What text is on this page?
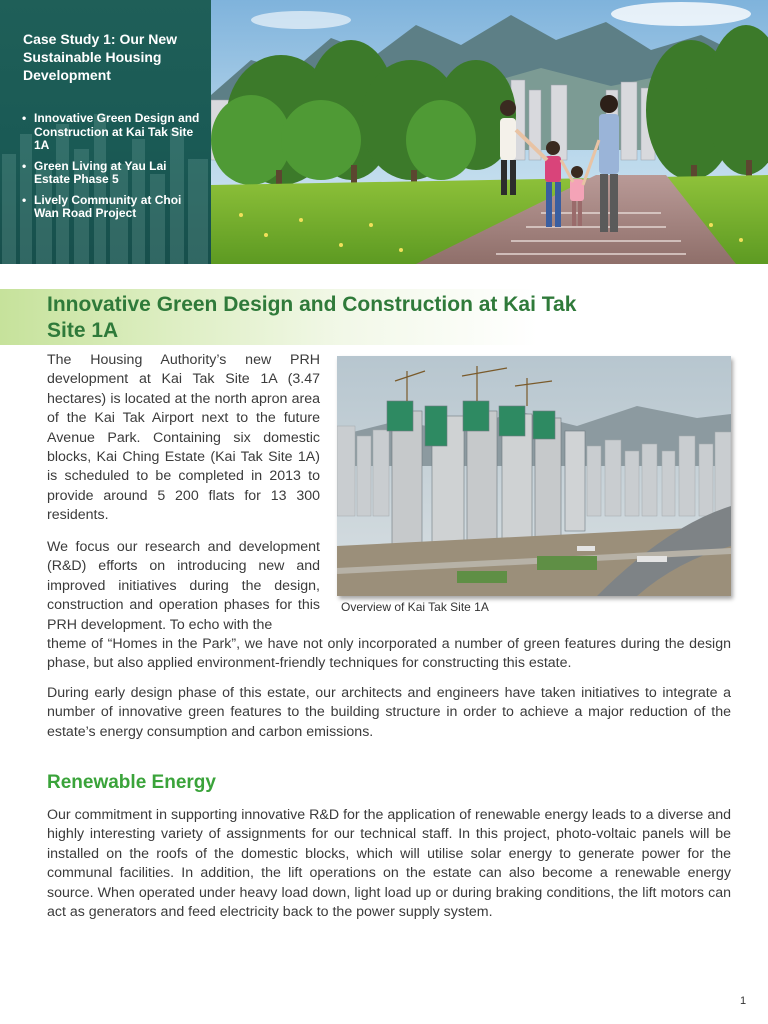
Case Study 1: Our New Sustainable Housing Development

• Innovative Green Design and Construction at Kai Tak Site 1A
• Green Living at Yau Lai Estate Phase 5
• Lively Community at Choi Wan Road Project
Innovative Green Design and Construction at Kai Tak Site 1A

The Housing Authority’s new PRH development at Kai Tak Site 1A (3.47 hectares) is located at the north apron area of the Kai Tak Airport next to the future Avenue Park. Containing six domestic blocks, Kai Ching Estate (Kai Tak Site 1A) is scheduled to be completed in 2013 to provide around 5 200 flats for 13 300 residents.

We focus our research and development (R&D) efforts on introducing new and improved initiatives during the design, construction and operation phases for this PRH development. To echo with the

theme of “Homes in the Park”, we have not only incorporated a number of green features during the design phase, but also applied environment-friendly techniques for constructing this estate.

During early design phase of this estate, our architects and engineers have taken initiatives to integrate a number of innovative green features to the building structure in order to achieve a major reduction of the estate’s energy consumption and carbon emissions.

Renewable Energy

Our commitment in supporting innovative R&D for the application of renewable energy leads to a diverse and highly interesting variety of assignments for our technical staff. In this project, photo-voltaic panels will be installed on the roofs of the domestic blocks, which will utilise solar energy to generate power for the communal facilities. In addition, the lift operations on the estate can also become a renewable energy source. When operated under heavy load down, light load up or during braking conditions, the lift motors can act as generators and feed electricity back to the power supply system.

Overview of Kai Tak Site 1A

1
